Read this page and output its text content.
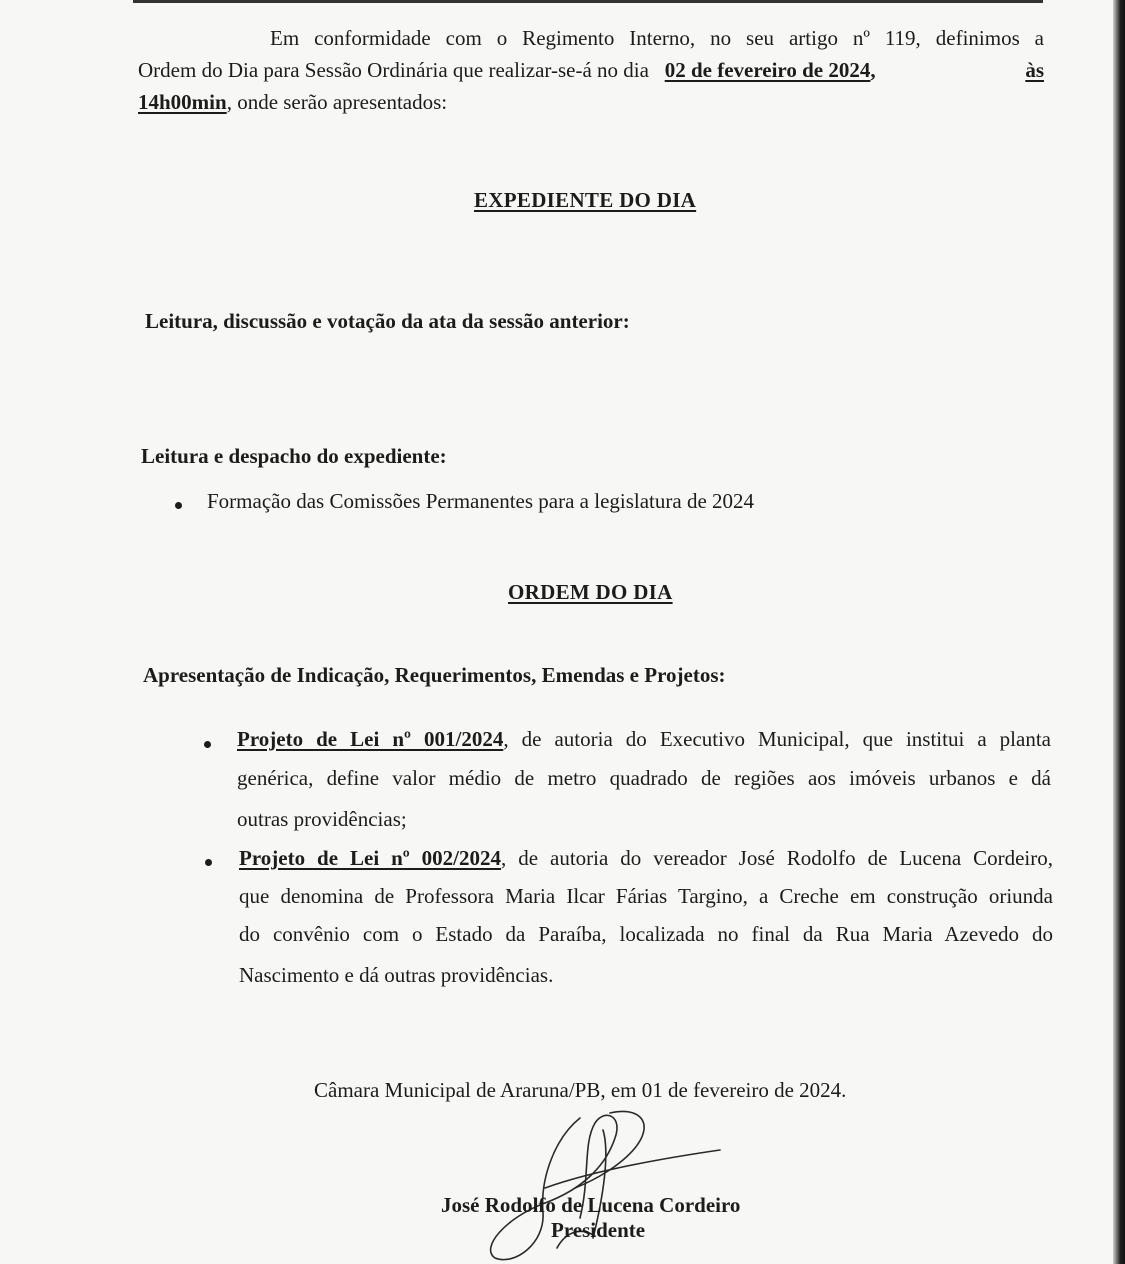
Em conformidade com o Regimento Interno, no seu artigo nº 119, definimos a

Ordem do Dia para Sessão Ordinária que realizar-se-á no dia 02 de fevereiro de 2024,	às

14h00min, onde serão apresentados:

EXPEDIENTE DO DIA

Leitura, discussão e votação da ata da sessão anterior:

Leitura e despacho do expediente:

Formação das Comissões Permanentes para a legislatura de 2024

ORDEM DO DIA

Apresentação de Indicação, Requerimentos, Emendas e Projetos:

Projeto de Lei nº 001/2024, de autoria do Executivo Municipal, que institui a planta

genérica, define valor médio de metro quadrado de regiões aos imóveis urbanos e dá

outras providências;

Projeto de Lei nº 002/2024, de autoria do vereador José Rodolfo de Lucena Cordeiro,

que denomina de Professora Maria Ilcar Fárias Targino, a Creche em construção oriunda

do convênio com o Estado da Paraíba, localizada no final da Rua Maria Azevedo do

Nascimento e dá outras providências.

Câmara Municipal de Araruna/PB, em 01 de fevereiro de 2024.

José Rodolfo de Lucena Cordeiro

Presidente
